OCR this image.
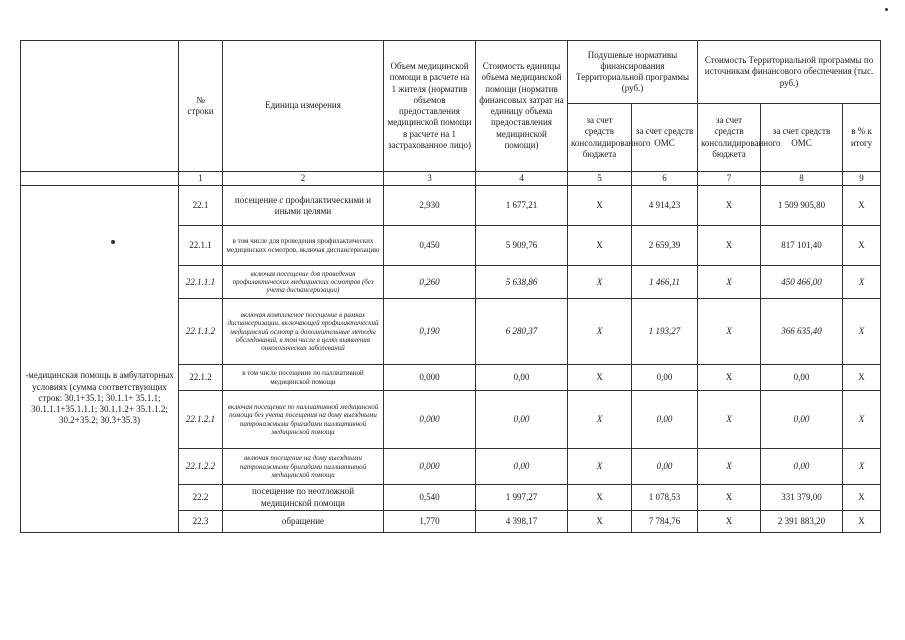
	№ строки	Единица измерения	Объем медицинской помощи в расчете на 1 жителя (норматив объемов предоставления медицинской помощи в расчете на 1 застрахованное лицо)	Стоимость единицы объема медицинской помощи (норматив финансовых затрат на единицу объема предоставления медицинской помощи)	Подушевые нормативы финансирования Территориальной программы (руб.)		Стоимость Территориальной программы по источникам финансового обеспечения (тыс. руб.)		
					за счет средств консолидированного бюджета	за счет средств ОМС	за счет средств консолидированного бюджета	за счет средств ОМС	в % к итогу
	1	2	3	4	5	6	7	8	9
-медицинская помощь в амбулаторных условиях (сумма соответствующих строк: 30.1+35.1; 30.1.1+ 35.1.1; 30.1.1.1+35.1.1.1; 30.1.1.2+ 35.1.1.2; 30.2+35.2; 30.3+35.3)	22.1	посещение с профилактическими и иными целями	2,930	1 677,21	X	4 914,23	X	1 509 905,80	X
	22.1.1	в том числе для проведения профилактических медицинских осмотров, включая диспансеризацию	0,450	5 909,76	X	2 659,39	X	817 101,40	X
	22.1.1.1	включая посещение для проведения профилактических медицинских осмотров (без учета диспансеризации)	0,260	5 638,86	X	1 466,11	X	450 466,00	X
	22.1.1.2	включая комплексное посещение в рамках диспансеризации, включающей профилактический медицинский осмотр и дополнительные методы обследований, в том числе в целях выявления онкологических заболеваний	0,190	6 280,37	X	1 193,27	X	366 635,40	X
	22.1.2	в том числе посещение по паллиативной медицинской помощи	0,000	0,00	X	0,00	X	0,00	X
	22.1.2.1	включая посещение по паллиативной медицинской помощи без учета посещения на дому выездными патронажными бригадами паллиативной медицинской помощи	0,000	0,00	X	0,00	X	0,00	X
	22.1.2.2	включая посещение на дому выездными патронажными бригадами паллиативной медицинской помощи	0,000	0,00	X	0,00	X	0,00	X
	22.2	посещение по неотложной медицинской помощи	0,540	1 997,27	X	1 078,53	X	331 379,00	X
	22.3	обращение	1,770	4 398,17	X	7 784,76	X	2 391 883,20	X
